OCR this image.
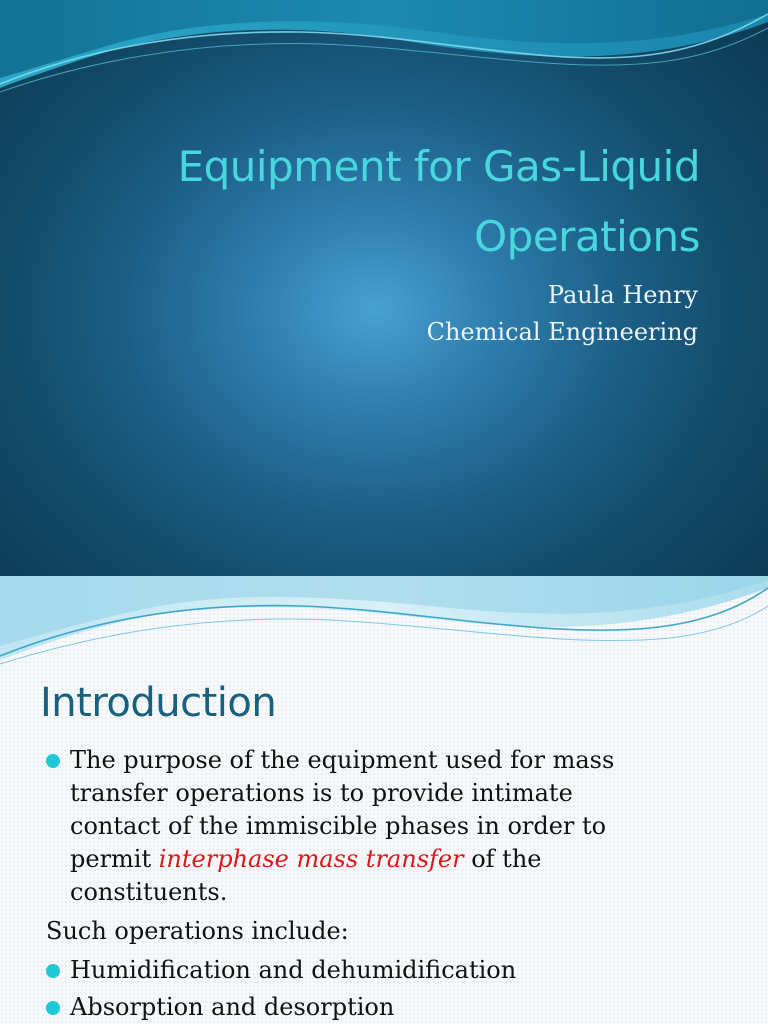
Equipment for Gas-Liquid
Operations
Paula Henry
Chemical Engineering
Introduction
The purpose of the equipment used for mass
transfer operations is to provide intimate
contact of the immiscible phases in order to
permit interphase mass transfer of the
constituents.
Such operations include:
Humidification and dehumidification
Absorption and desorption
